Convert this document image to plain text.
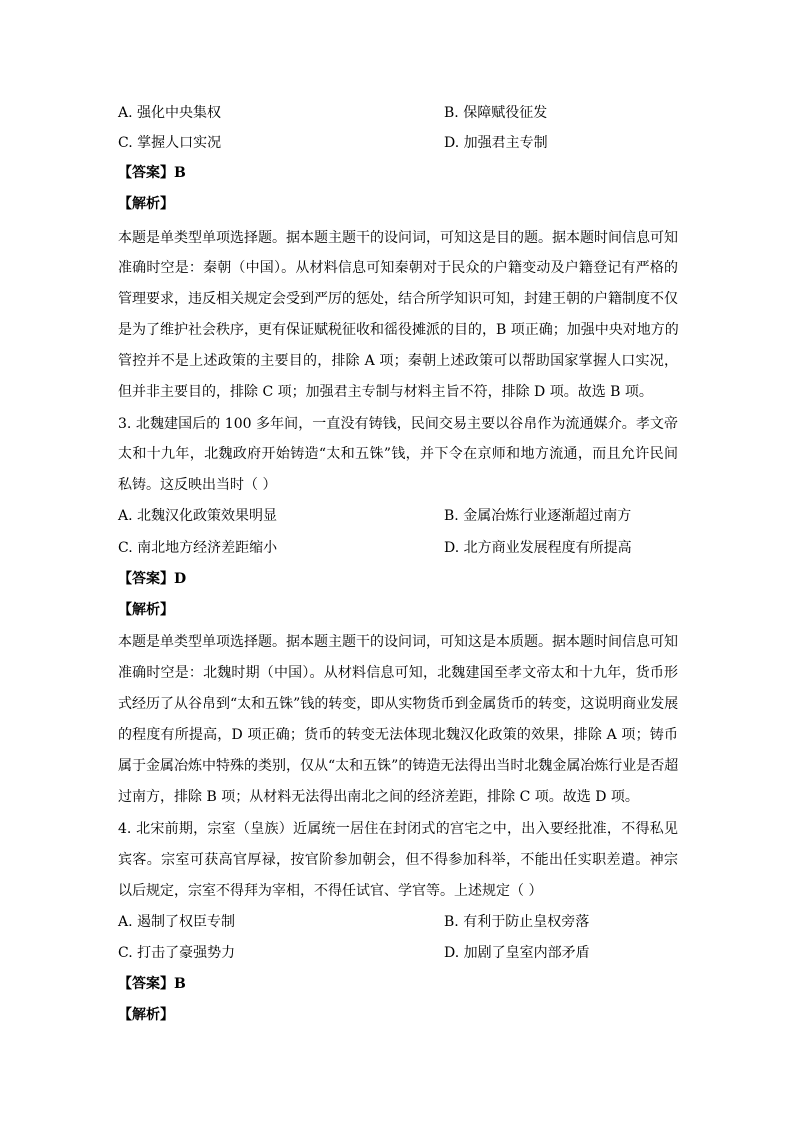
A. 强化中央集权	B. 保障赋役征发
C. 掌握人口实况	D. 加强君主专制
【答案】B
【解析】
本题是单类型单项选择题。据本题主题干的设问词，可知这是目的题。据本题时间信息可知
准确时空是：秦朝（中国）。从材料信息可知秦朝对于民众的户籍变动及户籍登记有严格的
管理要求，违反相关规定会受到严厉的惩处，结合所学知识可知，封建王朝的户籍制度不仅
是为了维护社会秩序，更有保证赋税征收和徭役摊派的目的，B 项正确；加强中央对地方的
管控并不是上述政策的主要目的，排除 A 项；秦朝上述政策可以帮助国家掌握人口实况，
但并非主要目的，排除 C 项；加强君主专制与材料主旨不符，排除 D 项。故选 B 项。
3. 北魏建国后的 100 多年间，一直没有铸钱，民间交易主要以谷帛作为流通媒介。孝文帝
太和十九年，北魏政府开始铸造“太和五铢”钱，并下令在京师和地方流通，而且允许民间
私铸。这反映出当时（ ）
A. 北魏汉化政策效果明显	B. 金属冶炼行业逐渐超过南方
C. 南北地方经济差距缩小	D. 北方商业发展程度有所提高
【答案】D
【解析】
本题是单类型单项选择题。据本题主题干的设问词，可知这是本质题。据本题时间信息可知
准确时空是：北魏时期（中国）。从材料信息可知，北魏建国至孝文帝太和十九年，货币形
式经历了从谷帛到“太和五铢”钱的转变，即从实物货币到金属货币的转变，这说明商业发展
的程度有所提高，D 项正确；货币的转变无法体现北魏汉化政策的效果，排除 A 项；铸币
属于金属冶炼中特殊的类别，仅从“太和五铢”的铸造无法得出当时北魏金属冶炼行业是否超
过南方，排除 B 项；从材料无法得出南北之间的经济差距，排除 C 项。故选 D 项。
4. 北宋前期，宗室（皇族）近属统一居住在封闭式的宫宅之中，出入要经批准，不得私见
宾客。宗室可获高官厚禄，按官阶参加朝会，但不得参加科举，不能出任实职差遣。神宗
以后规定，宗室不得拜为宰相，不得任试官、学官等。上述规定（ ）
A. 遏制了权臣专制	B. 有利于防止皇权旁落
C. 打击了豪强势力	D. 加剧了皇室内部矛盾
【答案】B
【解析】
